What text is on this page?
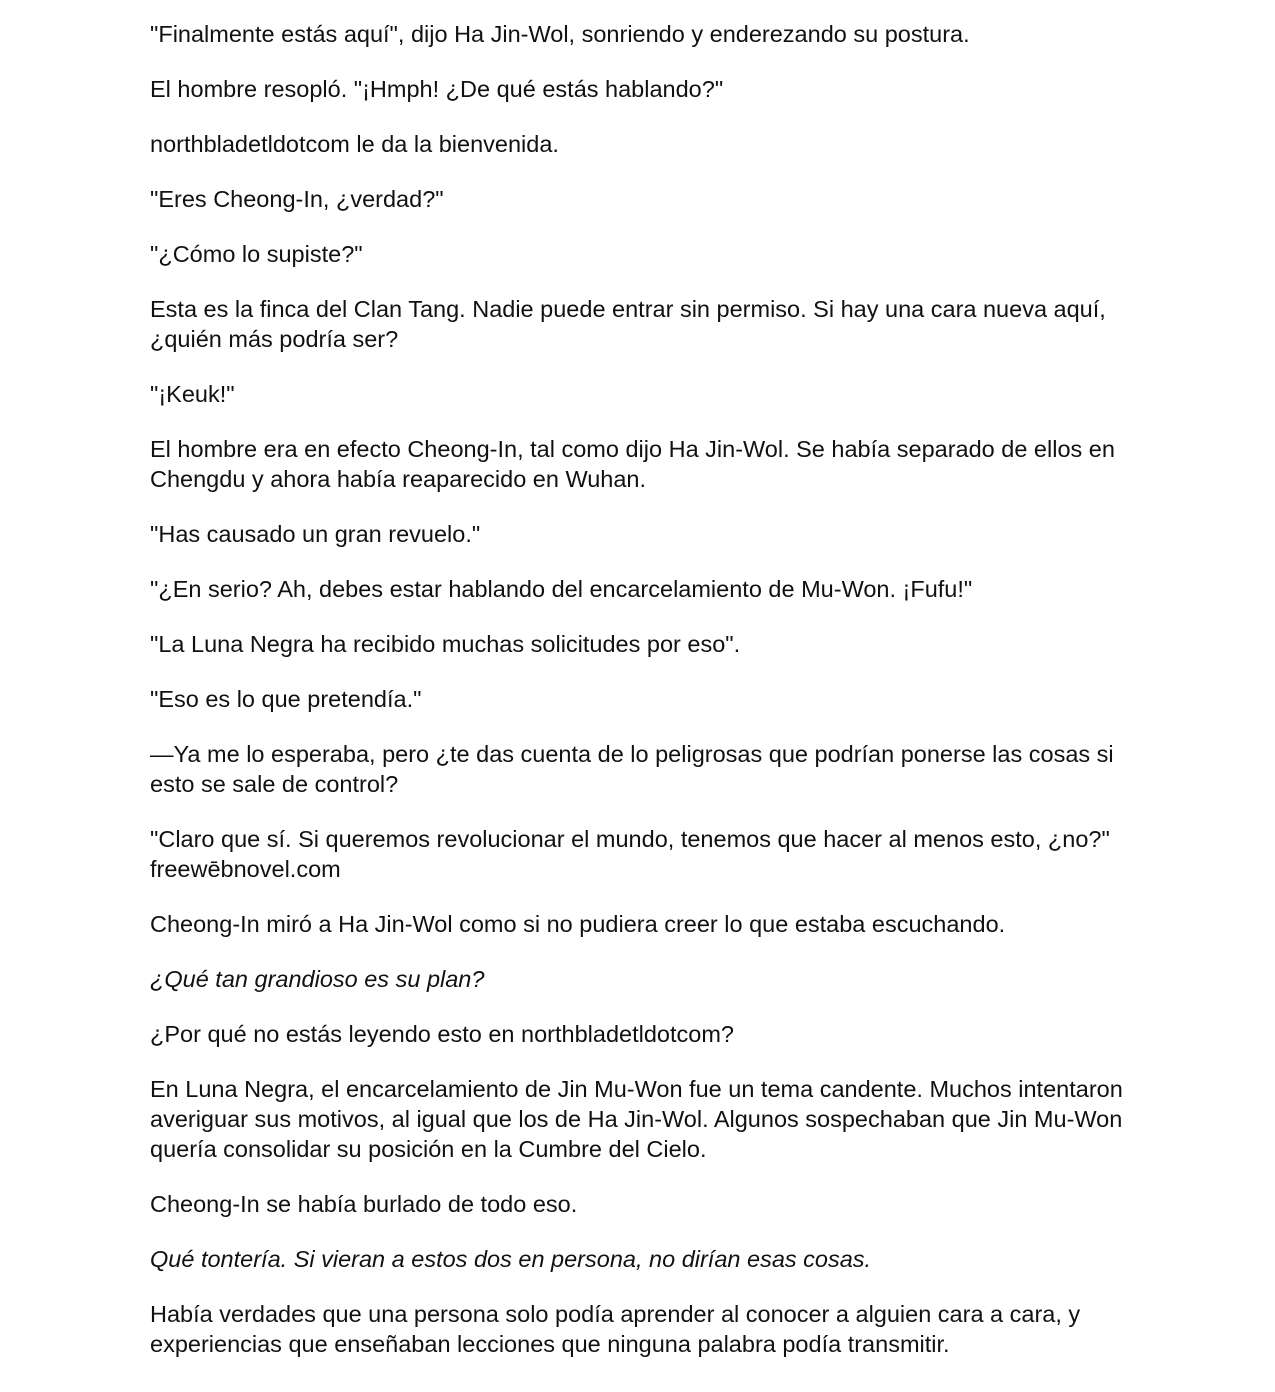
"Finalmente estás aquí", dijo Ha Jin-Wol, sonriendo y enderezando su postura.

El hombre resopló. "¡Hmph! ¿De qué estás hablando?"

northbladetldotcom le da la bienvenida.

"Eres Cheong-In, ¿verdad?"

"¿Cómo lo supiste?"

Esta es la finca del Clan Tang. Nadie puede entrar sin permiso. Si hay una cara nueva aquí, ¿quién más podría ser?

"¡Keuk!"

El hombre era en efecto Cheong-In, tal como dijo Ha Jin-Wol. Se había separado de ellos en Chengdu y ahora había reaparecido en Wuhan.

"Has causado un gran revuelo."

"¿En serio? Ah, debes estar hablando del encarcelamiento de Mu-Won. ¡Fufu!"

"La Luna Negra ha recibido muchas solicitudes por eso".

"Eso es lo que pretendía."

—Ya me lo esperaba, pero ¿te das cuenta de lo peligrosas que podrían ponerse las cosas si esto se sale de control?

"Claro que sí. Si queremos revolucionar el mundo, tenemos que hacer al menos esto, ¿no?" freewēbnovel.com

Cheong-In miró a Ha Jin-Wol como si no pudiera creer lo que estaba escuchando.

¿Qué tan grandioso es su plan?

¿Por qué no estás leyendo esto en northbladetldotcom?

En Luna Negra, el encarcelamiento de Jin Mu-Won fue un tema candente. Muchos intentaron averiguar sus motivos, al igual que los de Ha Jin-Wol. Algunos sospechaban que Jin Mu-Won quería consolidar su posición en la Cumbre del Cielo.

Cheong-In se había burlado de todo eso.

Qué tontería. Si vieran a estos dos en persona, no dirían esas cosas.

Había verdades que una persona solo podía aprender al conocer a alguien cara a cara, y experiencias que enseñaban lecciones que ninguna palabra podía transmitir.
